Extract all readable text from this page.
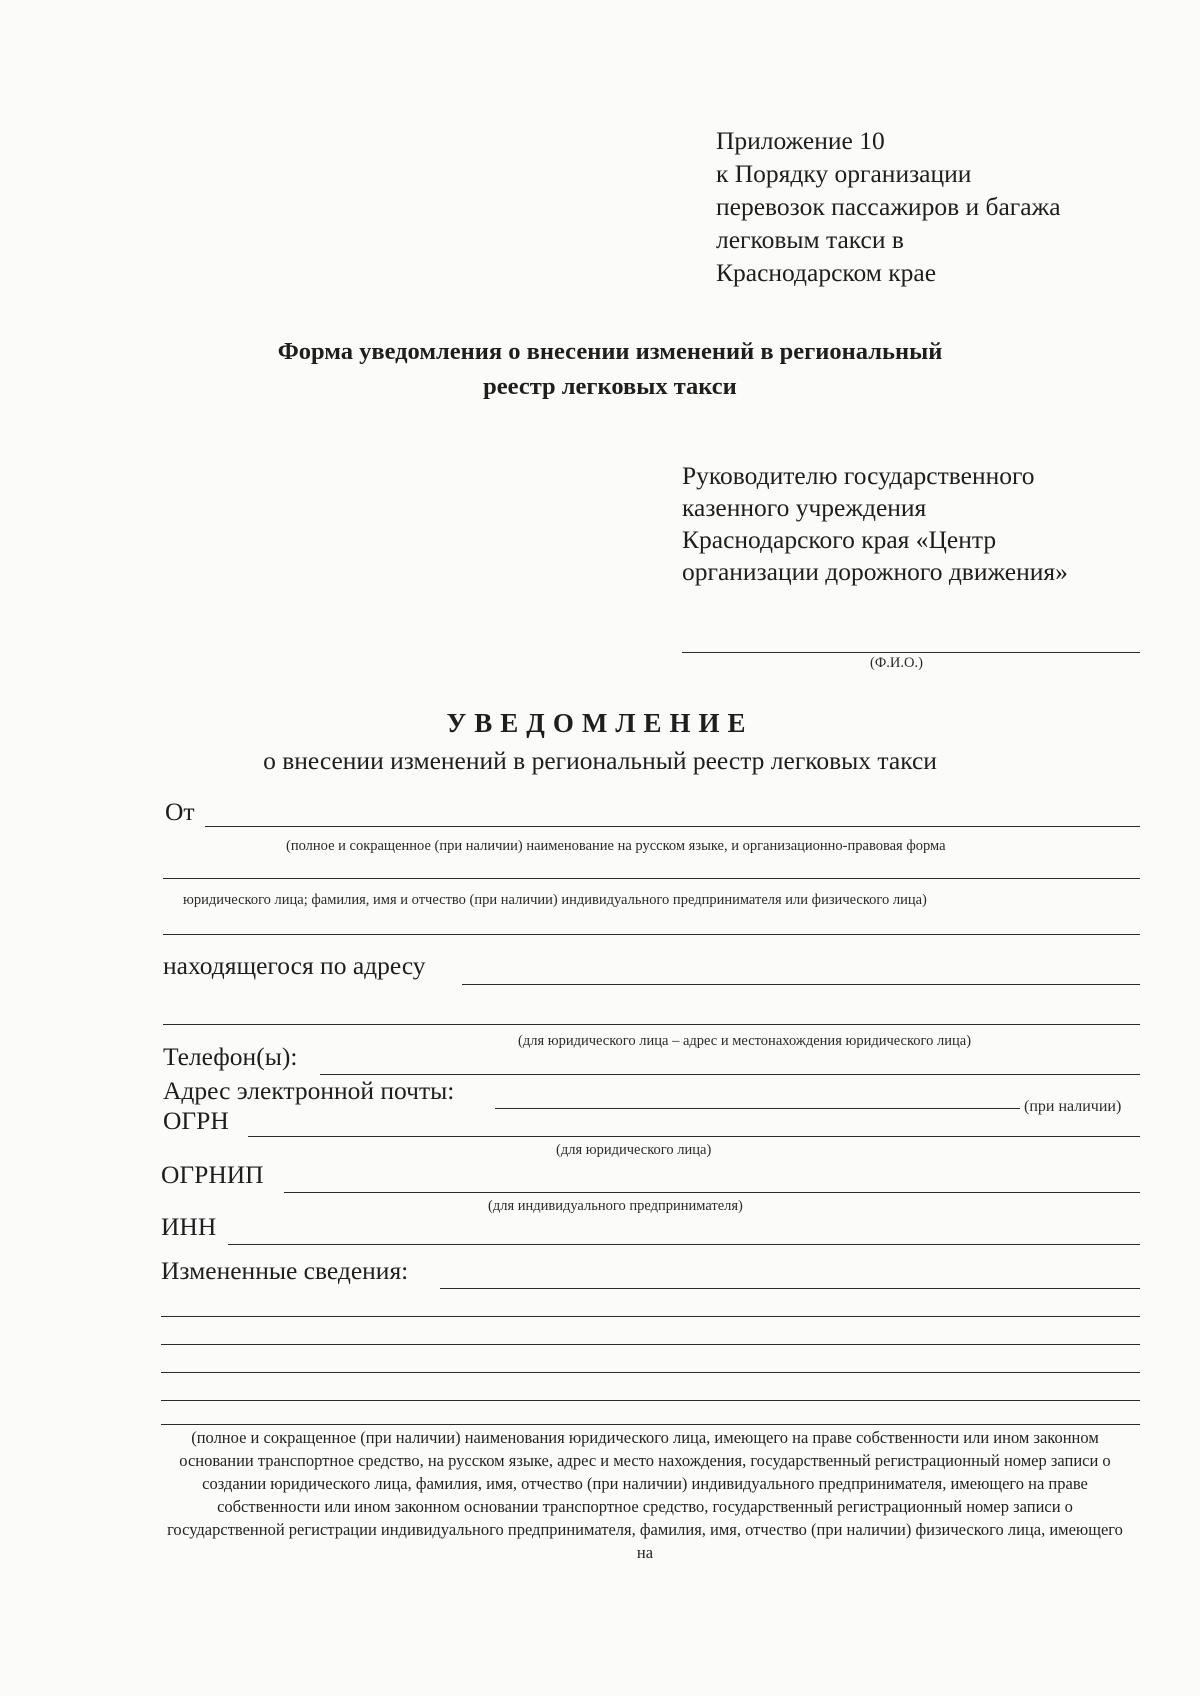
Приложение 10
к Порядку организации
перевозок пассажиров и багажа
легковым такси в
Краснодарском крае
Форма уведомления о внесении изменений в региональный
реестр легковых такси
Руководителю государственного
казенного учреждения
Краснодарского края «Центр
организации дорожного движения»
(Ф.И.О.)
УВЕДОМЛЕНИЕ
о внесении изменений в региональный реестр легковых такси
От
(полное и сокращенное (при наличии) наименование на русском языке, и организационно-правовая форма
юридического лица; фамилия, имя и отчество (при наличии) индивидуального предпринимателя или физического лица)
находящегося по адресу
(для юридического лица – адрес и местонахождения юридического лица)
Телефон(ы):
Адрес электронной почты:
(при наличии)
ОГРН
(для юридического лица)
ОГРНИП
(для индивидуального предпринимателя)
ИНН
Измененные сведения:
(полное и сокращенное (при наличии) наименования юридического лица, имеющего на праве собственности или ином законном основании транспортное средство, на русском языке, адрес и место нахождения, государственный регистрационный номер записи о создании юридического лица, фамилия, имя, отчество (при наличии) индивидуального предпринимателя, имеющего на праве собственности или ином законном основании транспортное средство, государственный регистрационный номер записи о государственной регистрации индивидуального предпринимателя, фамилия, имя, отчество (при наличии) физического лица, имеющего на
